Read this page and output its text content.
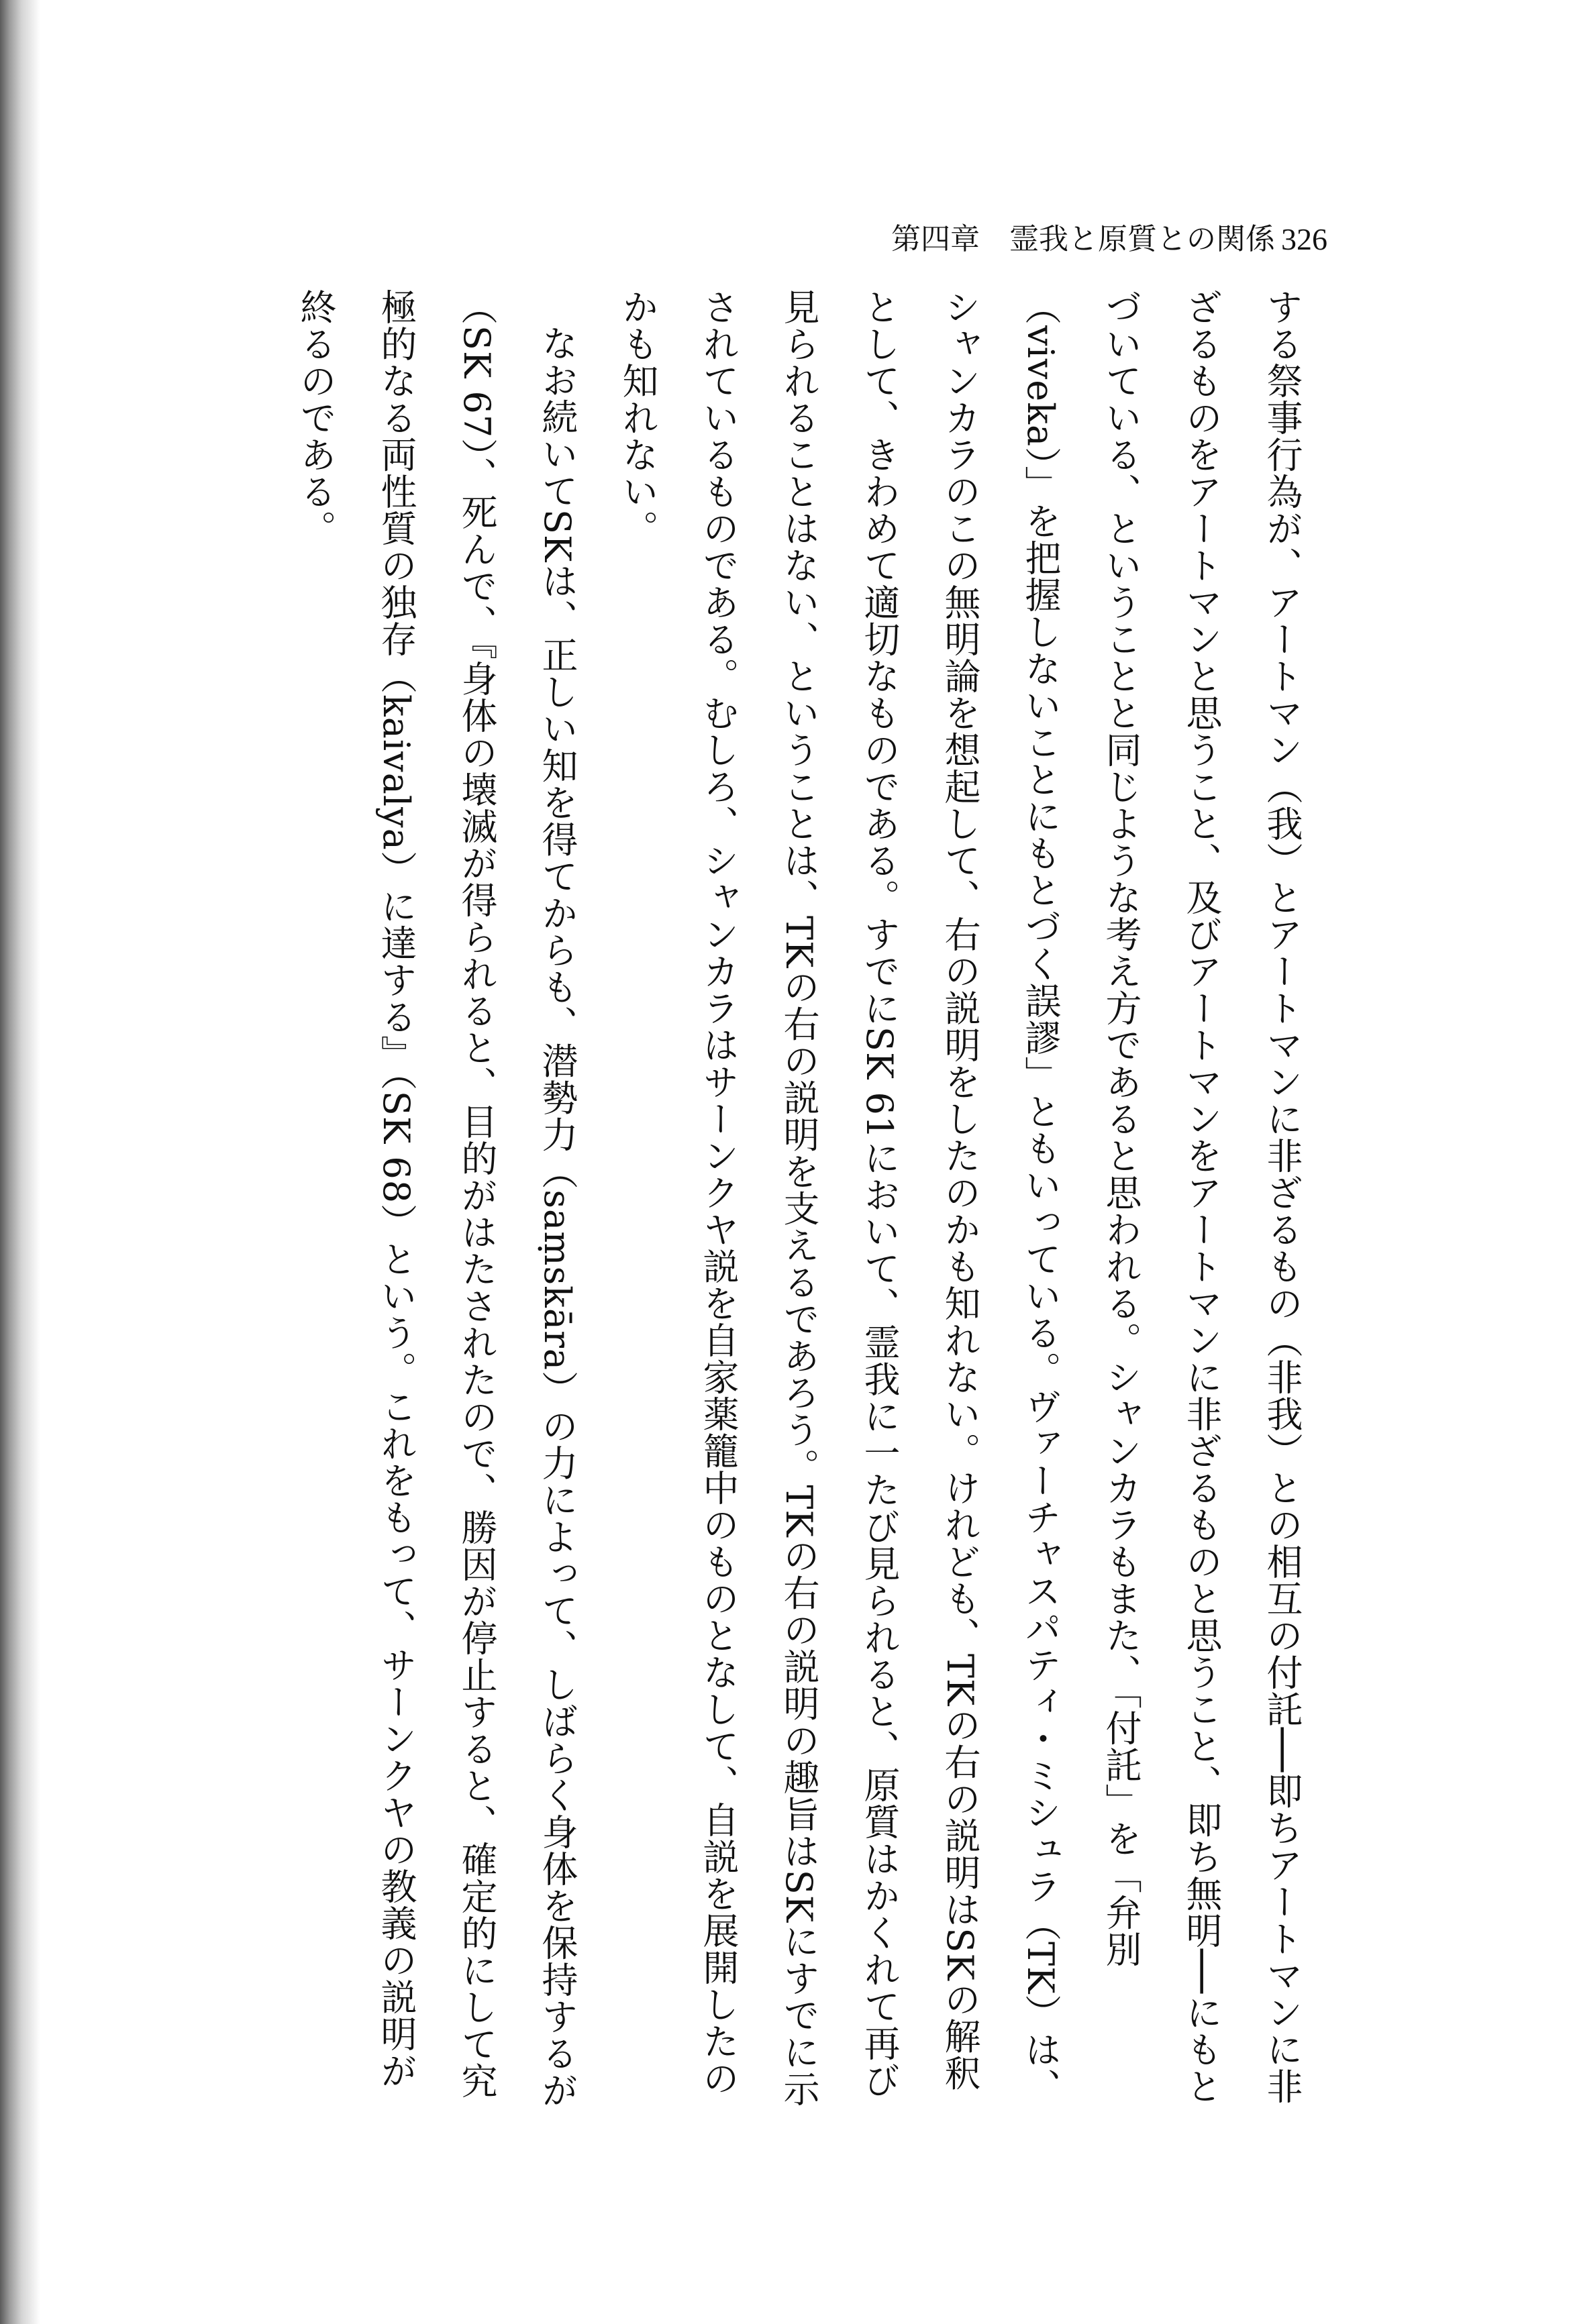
第四章　霊我と原質との関係 326

する祭事行為が、アートマン（我）とアートマンに非ざるもの（非我）との相互の付託──即ちアートマンに非ざるものをアートマンと思うこと、及びアートマンをアートマンに非ざるものと思うこと、即ち無明──にもとづいている、ということと同じような考え方であると思われる。シャンカラもまた、「付託」を「弁別（viveka）」を把握しないことにもとづく誤謬」ともいっている。ヴァーチャスパティ・ミシュラ（TK）は、シャンカラのこの無明論を想起して、右の説明をしたのかも知れない。けれども、TKの右の説明はSKの解釈として、きわめて適切なものである。すでにSK 61において、霊我に一たび見られると、原質はかくれて再び見られることはない、ということは、TKの右の説明を支えるであろう。TKの右の説明の趣旨はSKにすでに示されているものである。むしろ、シャンカラはサーンクヤ説を自家薬籠中のものとなして、自説を展開したのかも知れない。

なお続いてSKは、正しい知を得てからも、潜勢力（saṃskāra）の力によって、しばらく身体を保持するが（SK 67）、死んで、『身体の壊滅が得られると、目的がはたされたので、勝因が停止すると、確定的にして究極的なる両性質の独存（kaivalya）に達する』（SK 68）という。これをもって、サーンクヤの教義の説明が終るのである。
